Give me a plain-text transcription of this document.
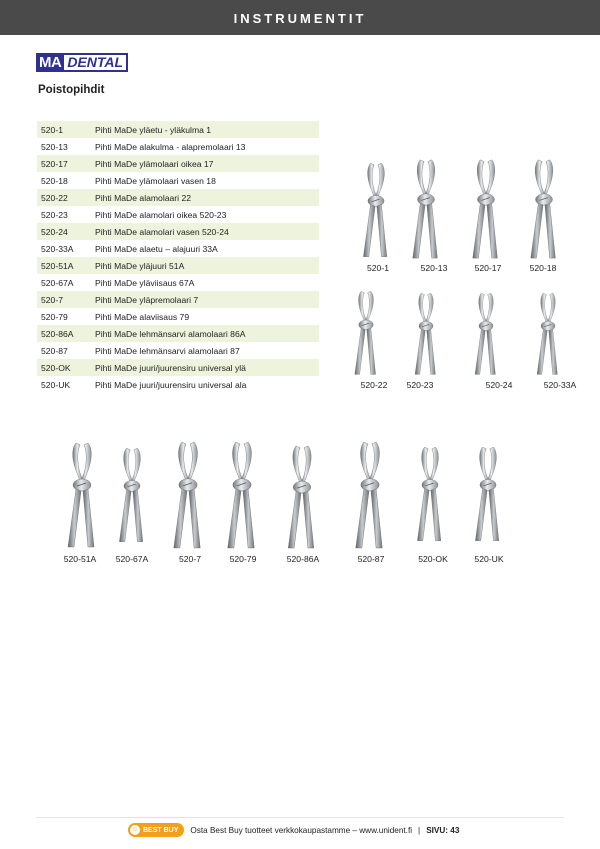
INSTRUMENTIT
MA DENTAL
Poistopihdit
520-1	Pihti MaDe yläetu - yläkulma 1
520-13	Pihti MaDe alakulma - alapremolaari 13
520-17	Pihti MaDe ylämolaari oikea 17
520-18	Pihti MaDe ylämolaari vasen 18
520-22	Pihti MaDe alamolaari 22
520-23	Pihti MaDe alamolari oikea 520-23
520-24	Pihti MaDe alamolari vasen 520-24
520-33A	Pihti MaDe alaetu – alajuuri 33A
520-51A	Pihti MaDe yläjuuri 51A
520-67A	Pihti MaDe yläviisaus 67A
520-7	Pihti MaDe yläpremolaari 7
520-79	Pihti MaDe alaviisaus 79
520-86A	Pihti MaDe lehmänsarvi alamolaari 86A
520-87	Pihti MaDe lehmänsarvi alamolaari 87
520-OK	Pihti MaDe juuri/juurensiru universal ylä
520-UK	Pihti MaDe juuri/juurensiru universal ala
520-1	520-13	520-17	520-18
520-22	520-23	520-24	520-33A
520-51A	520-67A	520-7	520-79	520-86A	520-87	520-OK	520-UK
☺ BEST BUY Osta Best Buy tuotteet verkkokaupastamme – www.unident.fi | SIVU: 43
